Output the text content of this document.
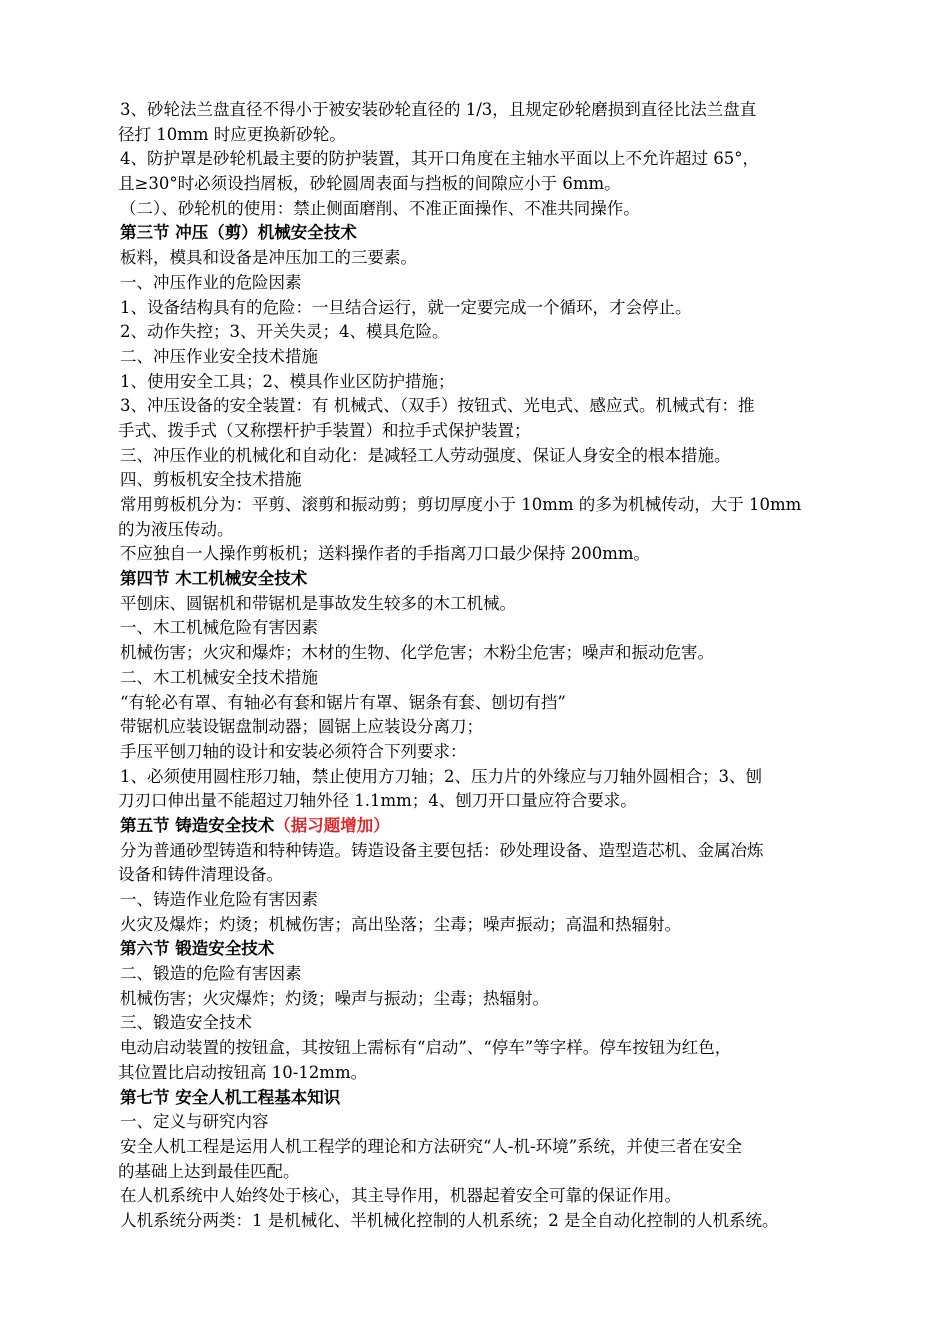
3、砂轮法兰盘直径不得小于被安装砂轮直径的 1/3，且规定砂轮磨损到直径比法兰盘直
径打 10mm 时应更换新砂轮。
4、防护罩是砂轮机最主要的防护装置，其开口角度在主轴水平面以上不允许超过 65°，
且≥30°时必须设挡屑板，砂轮圆周表面与挡板的间隙应小于 6mm。
（二）、砂轮机的使用：禁止侧面磨削、不准正面操作、不准共同操作。
第三节 冲压（剪）机械安全技术
板料，模具和设备是冲压加工的三要素。
一、冲压作业的危险因素
1、设备结构具有的危险：一旦结合运行，就一定要完成一个循环，才会停止。
2、动作失控；3、开关失灵；4、模具危险。
二、冲压作业安全技术措施
1、使用安全工具；2、模具作业区防护措施；
3、冲压设备的安全装置：有 机械式、（双手）按钮式、光电式、感应式。机械式有：推
手式、拨手式（又称摆杆护手装置）和拉手式保护装置；
三、冲压作业的机械化和自动化：是减轻工人劳动强度、保证人身安全的根本措施。
四、剪板机安全技术措施
常用剪板机分为：平剪、滚剪和振动剪；剪切厚度小于 10mm 的多为机械传动，大于 10mm
的为液压传动。
不应独自一人操作剪板机；送料操作者的手指离刀口最少保持 200mm。
第四节 木工机械安全技术
平刨床、圆锯机和带锯机是事故发生较多的木工机械。
一、木工机械危险有害因素
机械伤害；火灾和爆炸；木材的生物、化学危害；木粉尘危害；噪声和振动危害。
二、木工机械安全技术措施
“有轮必有罩、有轴必有套和锯片有罩、锯条有套、刨切有挡”
带锯机应装设锯盘制动器；圆锯上应装设分离刀；
手压平刨刀轴的设计和安装必须符合下列要求：
1、必须使用圆柱形刀轴，禁止使用方刀轴；2、压力片的外缘应与刀轴外圆相合；3、刨
刀刃口伸出量不能超过刀轴外径 1.1mm；4、刨刀开口量应符合要求。
第五节 铸造安全技术（据习题增加）
分为普通砂型铸造和特种铸造。铸造设备主要包括：砂处理设备、造型造芯机、金属冶炼
设备和铸件清理设备。
一、铸造作业危险有害因素
火灾及爆炸；灼烫；机械伤害；高出坠落；尘毒；噪声振动；高温和热辐射。
第六节 锻造安全技术
二、锻造的危险有害因素
机械伤害；火灾爆炸；灼烫；噪声与振动；尘毒；热辐射。
三、锻造安全技术
电动启动装置的按钮盒，其按钮上需标有“启动”、“停车”等字样。停车按钮为红色，
其位置比启动按钮高 10-12mm。
第七节 安全人机工程基本知识
一、定义与研究内容
安全人机工程是运用人机工程学的理论和方法研究“人-机-环境”系统，并使三者在安全
的基础上达到最佳匹配。
在人机系统中人始终处于核心，其主导作用，机器起着安全可靠的保证作用。
人机系统分两类：1 是机械化、半机械化控制的人机系统；2 是全自动化控制的人机系统。
